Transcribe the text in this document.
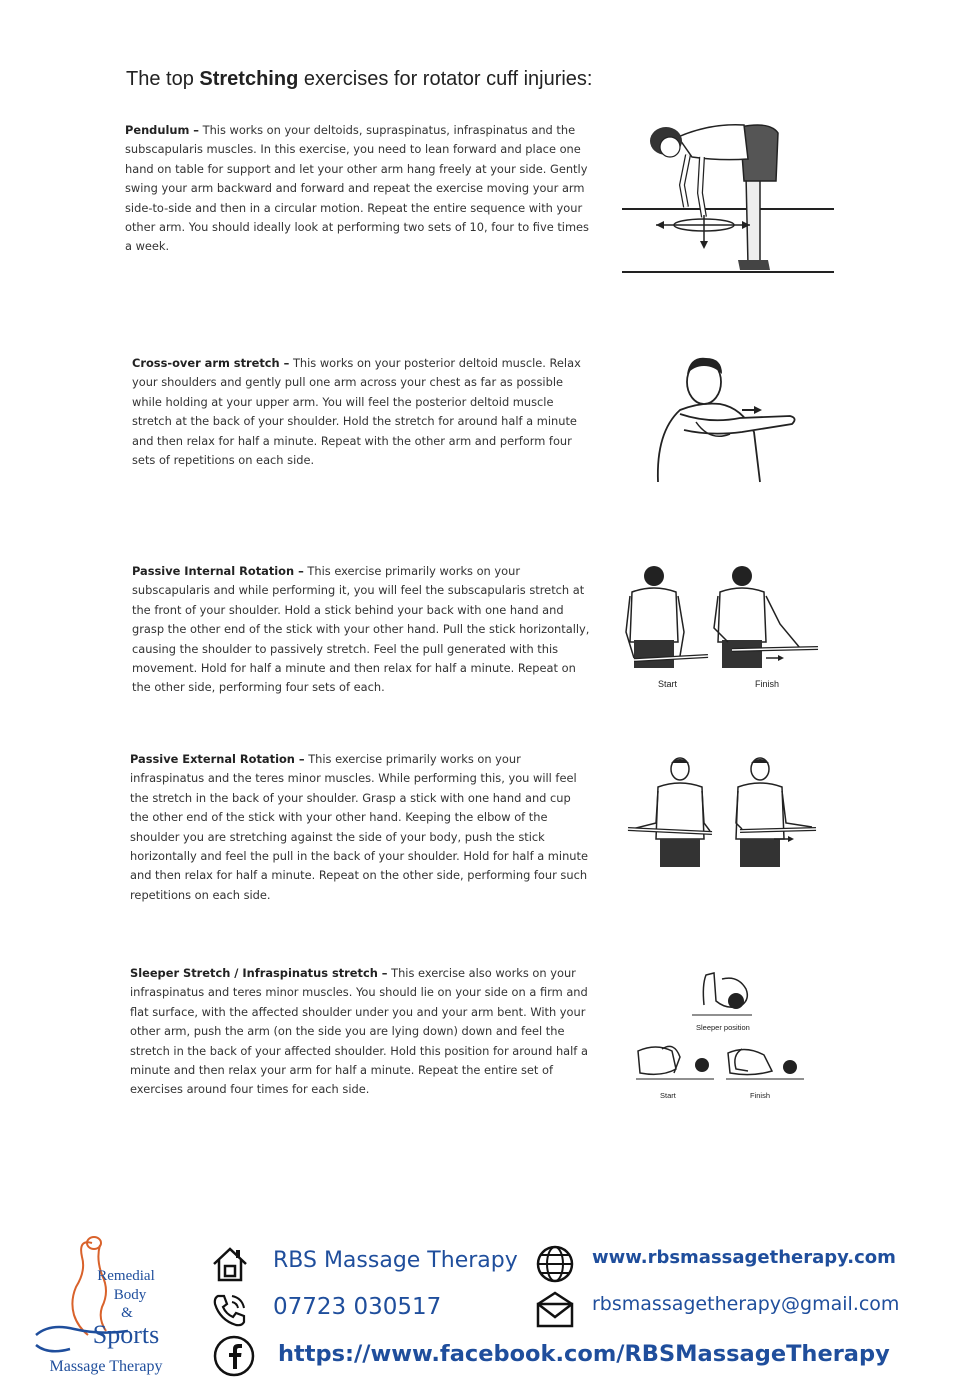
The top Stretching exercises for rotator cuff injuries:
Pendulum – This works on your deltoids, supraspinatus, infraspinatus and the subscapularis muscles. In this exercise, you need to lean forward and place one hand on table for support and let your other arm hang freely at your side. Gently swing your arm backward and forward and repeat the exercise moving your arm side-to-side and then in a circular motion. Repeat the entire sequence with your other arm. You should ideally look at performing two sets of 10, four to five times a week.
Cross-over arm stretch – This works on your posterior deltoid muscle. Relax your shoulders and gently pull one arm across your chest as far as possible while holding at your upper arm. You will feel the posterior deltoid muscle stretch at the back of your shoulder. Hold the stretch for around half a minute and then relax for half a minute. Repeat with the other arm and perform four sets of repetitions on each side.
Passive Internal Rotation – This exercise primarily works on your subscapularis and while performing it, you will feel the subscapularis stretch at the front of your shoulder. Hold a stick behind your back with one hand and grasp the other end of the stick with your other hand. Pull the stick horizontally, causing the shoulder to passively stretch. Feel the pull generated with this movement. Hold for half a minute and then relax for half a minute. Repeat on the other side, performing four sets of each.	Start	Finish
Passive External Rotation – This exercise primarily works on your infraspinatus and the teres minor muscles. While performing this, you will feel the stretch in the back of your shoulder. Grasp a stick with one hand and cup the other end of the stick with your other hand. Keeping the elbow of the shoulder you are stretching against the side of your body, push the stick horizontally and feel the pull in the back of your shoulder. Hold for half a minute and then relax for half a minute. Repeat on the other side, performing four such repetitions on each side.
Sleeper Stretch / Infraspinatus stretch – This exercise also works on your infraspinatus and teres minor muscles. You should lie on your side on a firm and flat surface, with the affected shoulder under you and your arm bent. With your other arm, push the arm (on the side you are lying down) down and feel the stretch in the back of your affected shoulder. Hold this position for around half a minute and then relax your arm for half a minute. Repeat the entire set of exercises around four times for each side.
Sleeper position
Start	Finish
Remedial
Body
&
Sports
Massage Therapy
RBS Massage Therapy
07723 030517
www.rbsmassagetherapy.com
rbsmassagetherapy@gmail.com
https://www.facebook.com/RBSMassageTherapy
